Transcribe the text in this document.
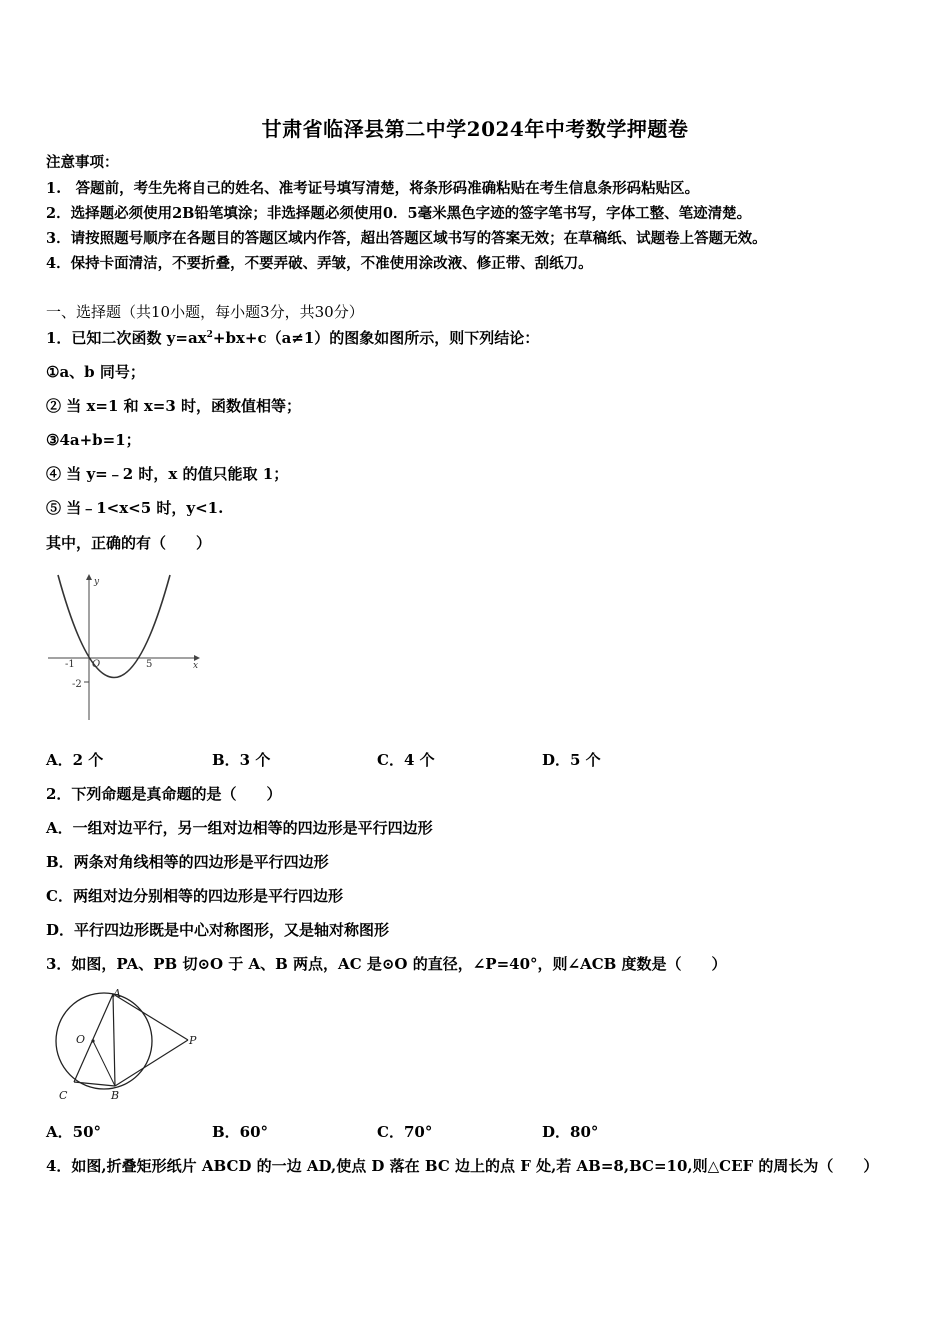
甘肃省临泽县第二中学2024年中考数学押题卷
注意事项：
1.　答题前，考生先将自己的姓名、准考证号填写清楚，将条形码准确粘贴在考生信息条形码粘贴区。
2．选择题必须使用2B铅笔填涂；非选择题必须使用0．5毫米黑色字迹的签字笔书写，字体工整、笔迹清楚。
3．请按照题号顺序在各题目的答题区域内作答，超出答题区域书写的答案无效；在草稿纸、试题卷上答题无效。
4．保持卡面清洁，不要折叠，不要弄破、弄皱，不准使用涂改液、修正带、刮纸刀。
一、选择题（共10小题，每小题3分，共30分）
1．已知二次函数 $y=ax^2+bx+c(a\ne 1)$的图象如图所示，则下列结论：
①a、b 同号；
② 当 x=1 和 x=3 时，函数值相等；
③4a+b=1；
④ 当 y=﹣2 时，x 的值只能取 1；
⑤ 当﹣1<x<5 时，y<1.
其中，正确的有（　　）
y
x
O
-1	5
-2
A．2 个	B．3 个	C．4 个	D．5 个
2．下列命题是真命题的是（　　）
A．一组对边平行，另一组对边相等的四边形是平行四边形
B．两条对角线相等的四边形是平行四边形
C．两组对边分别相等的四边形是平行四边形
D．平行四边形既是中心对称图形，又是轴对称图形
3．如图，PA、PB 切⊙O 于 A、B 两点，AC 是⊙O 的直径，∠P=40°，则∠ACB 度数是（　　）
A
B
C
O	P
A．50°	B．60°	C．70°	D．80°
4．如图,折叠矩形纸片 ABCD 的一边 AD,使点 D 落在 BC 边上的点 F 处,若 AB=8,BC=10,则△CEF 的周长为（　　）
